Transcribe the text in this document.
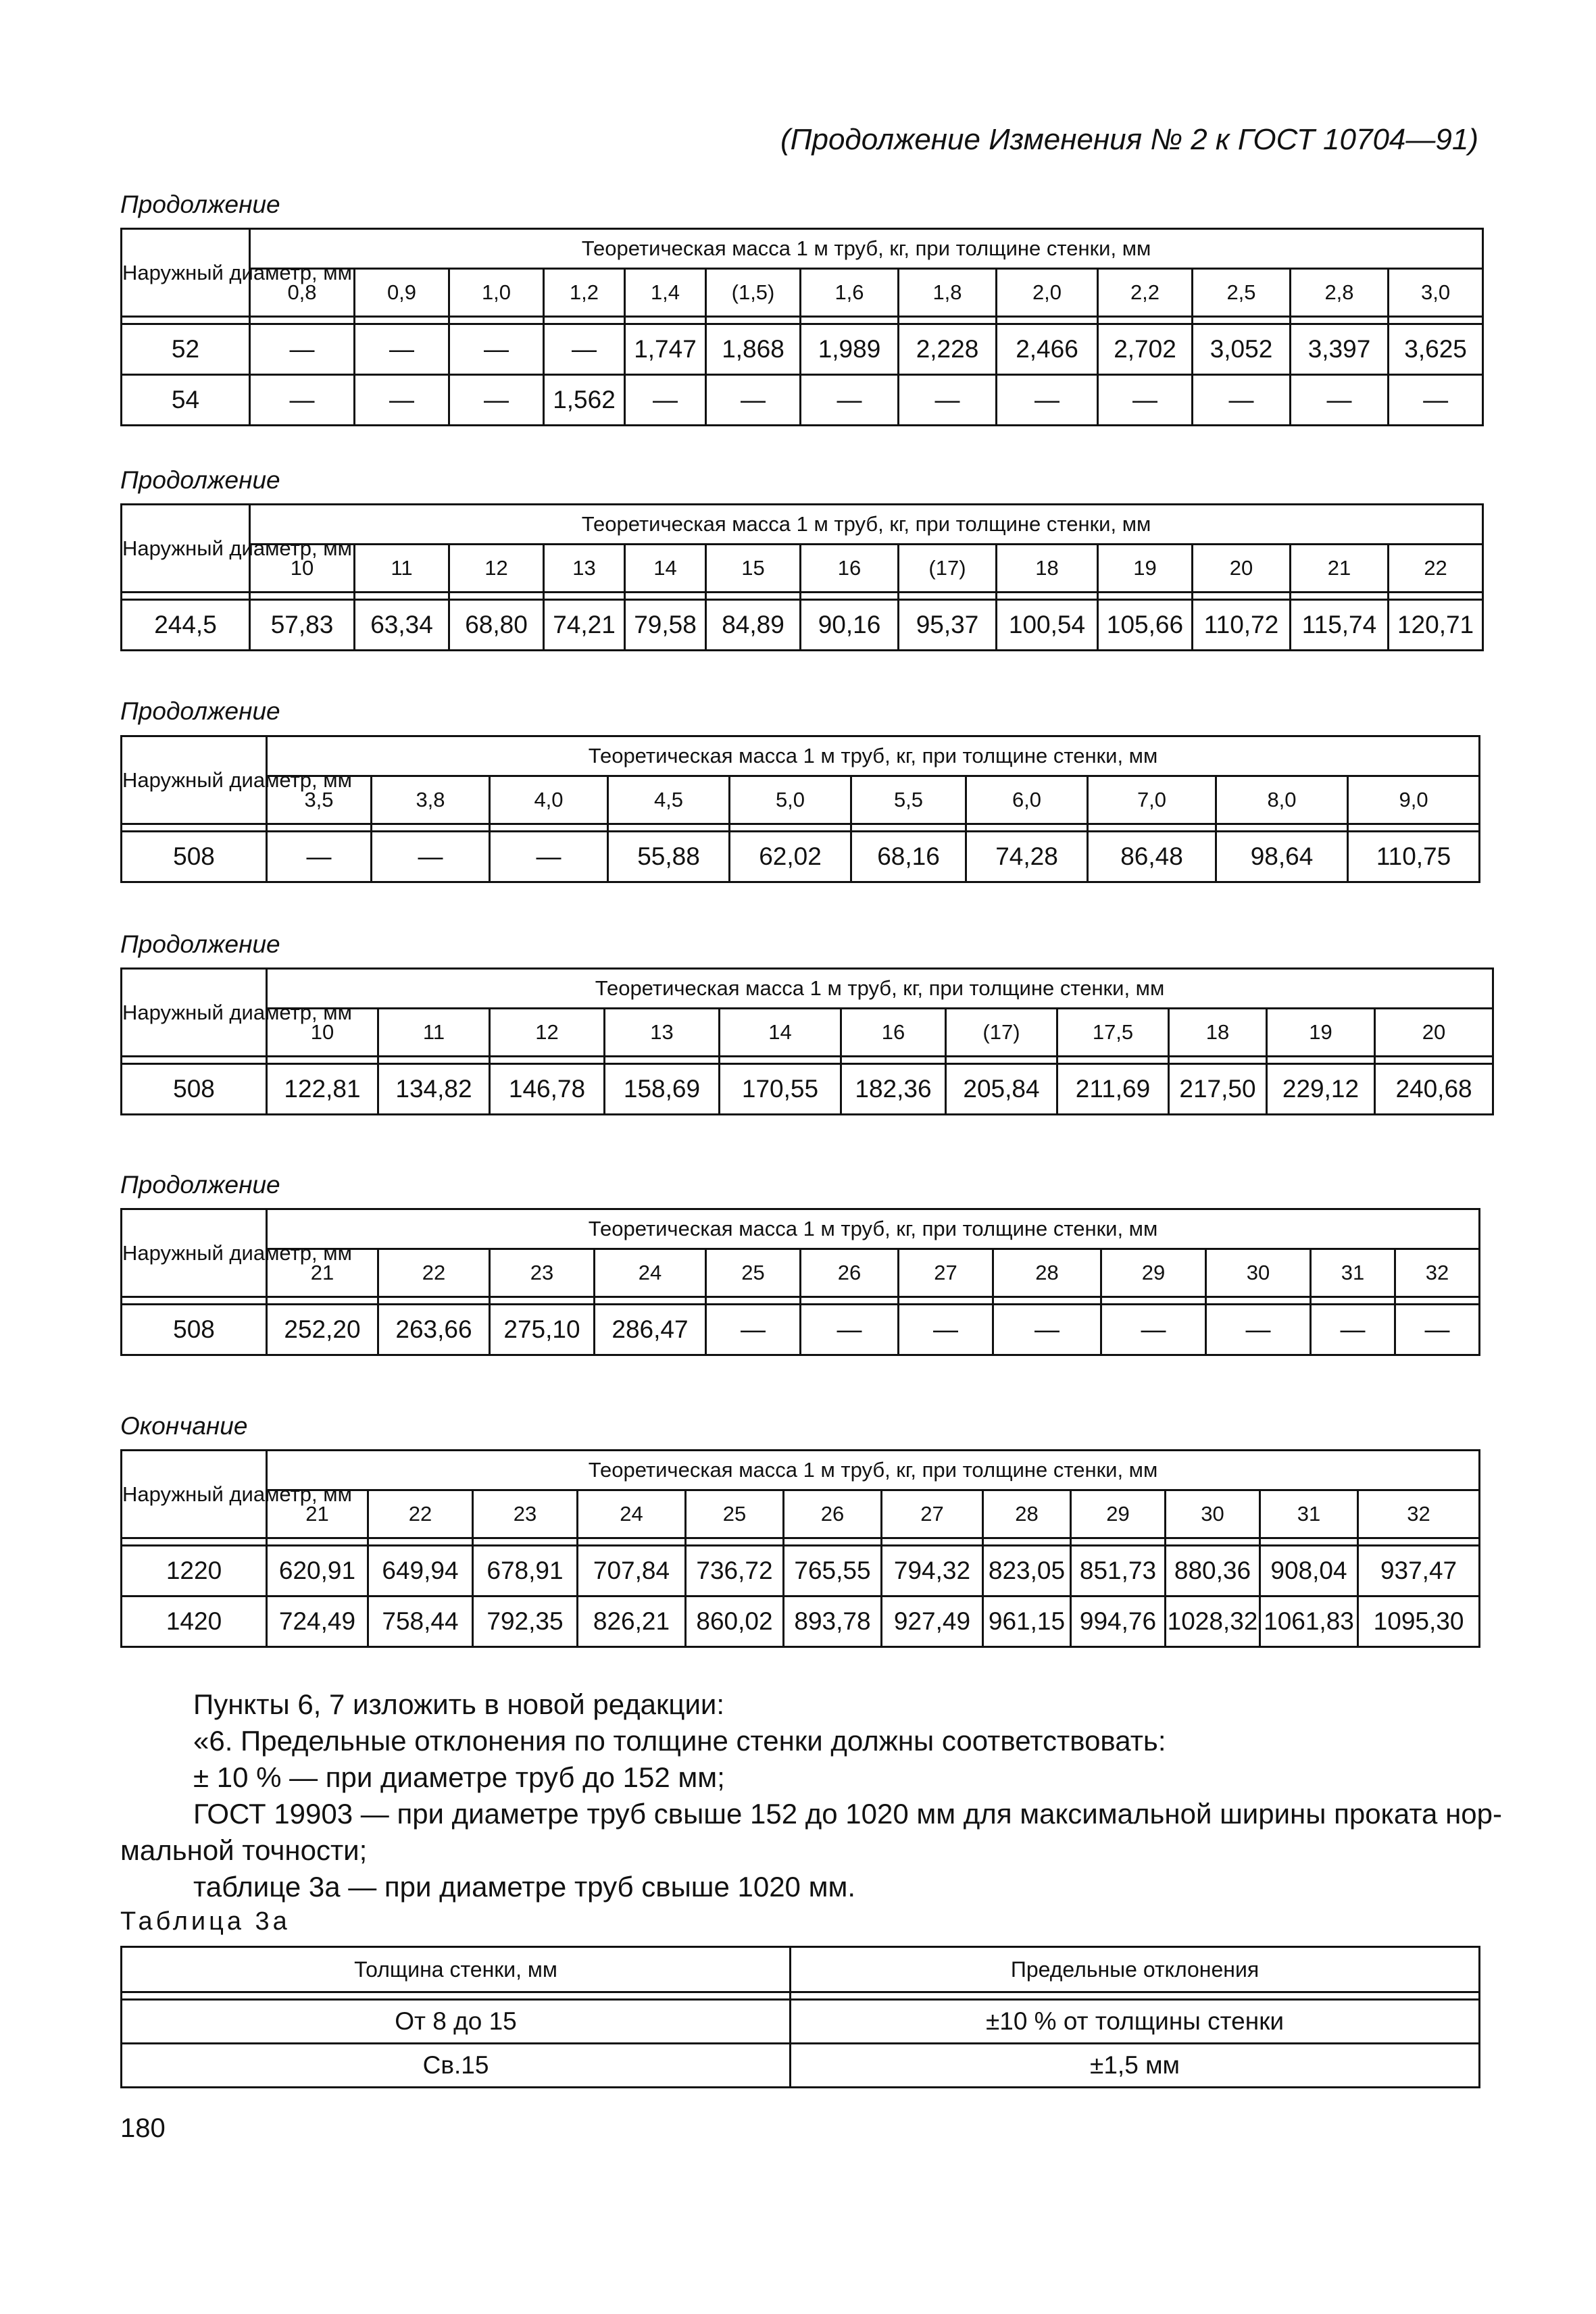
(Продолжение Изменения № 2 к ГОСТ 10704—91)
Продолжение
Наружный диаметр, мм	Теоретическая масса 1 м труб, кг, при толщине стенки, мм												
	0,8	0,9	1,0	1,2	1,4	(1,5)	1,6	1,8	2,0	2,2	2,5	2,8	3,0

52	—	—	—	—	1,747	1,868	1,989	2,228	2,466	2,702	3,052	3,397	3,625
54	—	—	—	1,562	—	—	—	—	—	—	—	—	—
Продолжение
Наружный диаметр, мм	Теоретическая масса 1 м труб, кг, при толщине стенки, мм												
	10	11	12	13	14	15	16	(17)	18	19	20	21	22

244,5	57,83	63,34	68,80	74,21	79,58	84,89	90,16	95,37	100,54	105,66	110,72	115,74	120,71
Продолжение
Наружный диаметр, мм	Теоретическая масса 1 м труб, кг, при толщине стенки, мм									
	3,5	3,8	4,0	4,5	5,0	5,5	6,0	7,0	8,0	9,0

508	—	—	—	55,88	62,02	68,16	74,28	86,48	98,64	110,75
Продолжение
Наружный диаметр, мм	Теоретическая масса 1 м труб, кг, при толщине стенки, мм										
	10	11	12	13	14	16	(17)	17,5	18	19	20

508	122,81	134,82	146,78	158,69	170,55	182,36	205,84	211,69	217,50	229,12	240,68
Продолжение
Наружный диаметр, мм	Теоретическая масса 1 м труб, кг, при толщине стенки, мм											
	21	22	23	24	25	26	27	28	29	30	31	32

508	252,20	263,66	275,10	286,47	—	—	—	—	—	—	—	—
Окончание
Наружный диаметр, мм	Теоретическая масса 1 м труб, кг, при толщине стенки, мм											
	21	22	23	24	25	26	27	28	29	30	31	32

1220	620,91	649,94	678,91	707,84	736,72	765,55	794,32	823,05	851,73	880,36	908,04	937,47
1420	724,49	758,44	792,35	826,21	860,02	893,78	927,49	961,15	994,76	1028,32	1061,83	1095,30
Пункты 6, 7 изложить в новой редакции:
«6. Предельные отклонения по толщине стенки должны соответствовать:
± 10 % — при диаметре труб до 152 мм;
ГОСТ 19903 — при диаметре труб свыше 152 до 1020 мм для максимальной ширины проката нор-
мальной точности;
таблице 3а — при диаметре труб свыше 1020 мм.
Таблица 3а
Толщина стенки, мм	Предельные отклонения

От 8 до 15	±10 % от толщины стенки
Св.15	±1,5 мм
180
